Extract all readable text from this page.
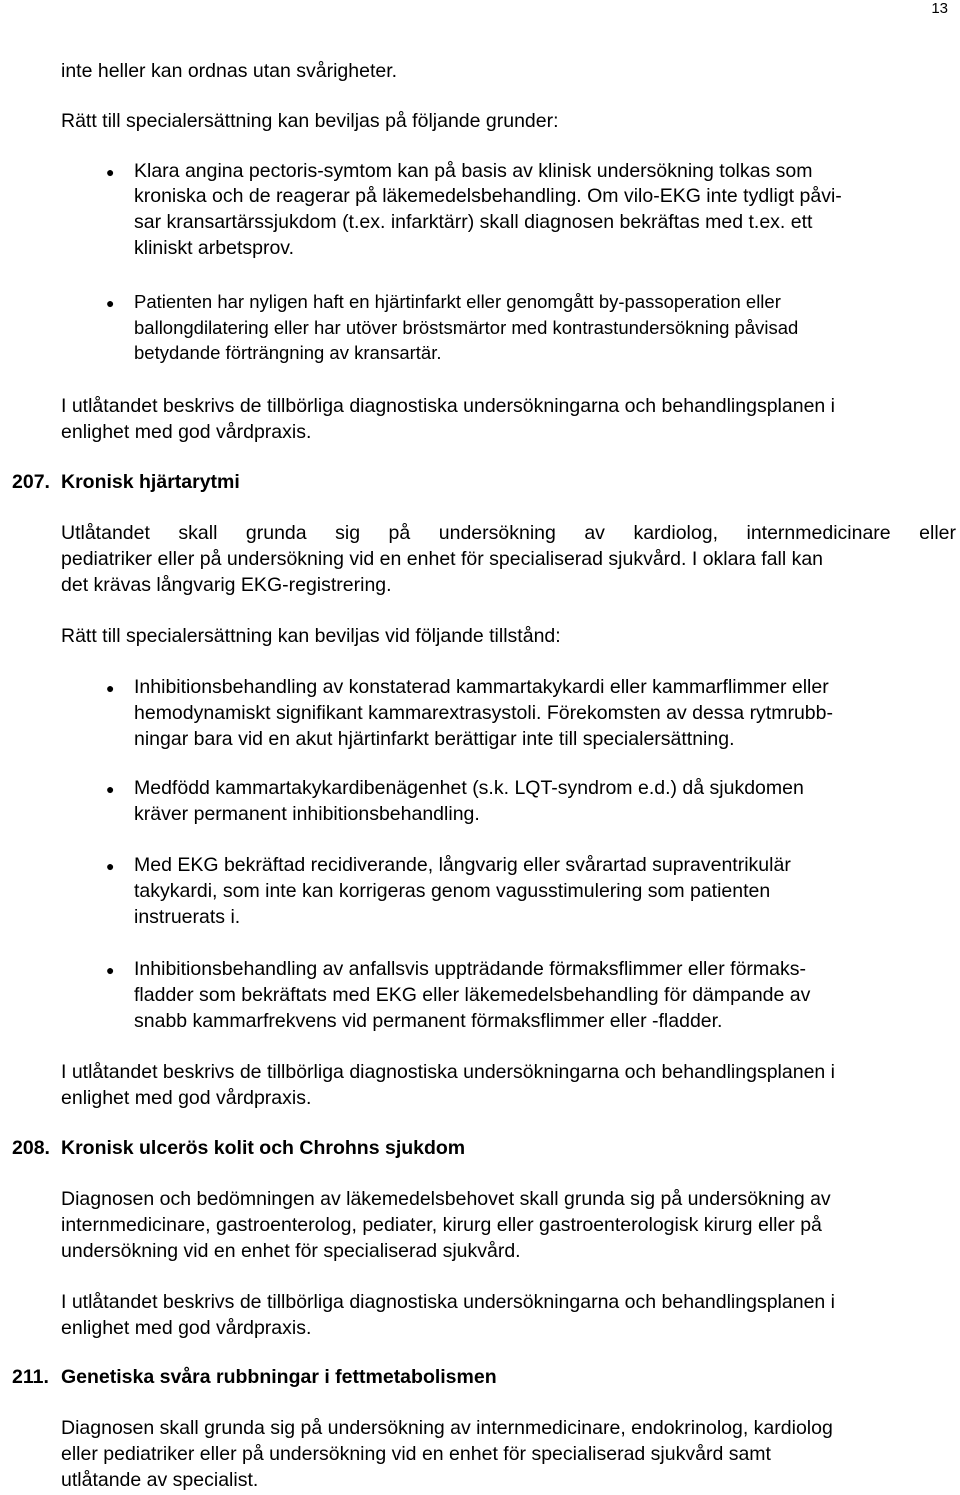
13
inte heller kan ordnas utan svårigheter.
Rätt till specialersättning kan beviljas på följande grunder:
● Klara angina pectoris-symtom kan på basis av klinisk undersökning tolkas som
kroniska och de reagerar på läkemedelsbehandling. Om vilo-EKG inte tydligt påvi-
sar kransartärssjukdom (t.ex. infarktärr) skall diagnosen bekräftas med t.ex. ett
kliniskt arbetsprov.
● Patienten har nyligen haft en hjärtinfarkt eller genomgått by-passoperation eller
ballongdilatering eller har utöver bröstsmärtor med kontrastundersökning påvisad
betydande förträngning av kransartär.
I utlåtandet beskrivs de tillbörliga diagnostiska undersökningarna och behandlingsplanen i
enlighet med god vårdpraxis.
207. Kronisk hjärtarytmi
Utlåtandet skall grunda sig på undersökning av kardiolog, internmedicinare eller
pediatriker eller på undersökning vid en enhet för specialiserad sjukvård. I oklara fall kan
det krävas långvarig EKG-registrering.
Rätt till specialersättning kan beviljas vid följande tillstånd:
● Inhibitionsbehandling av konstaterad kammartakykardi eller kammarflimmer eller
hemodynamiskt signifikant kammarextrasystoli. Förekomsten av dessa rytmrubb-
ningar bara vid en akut hjärtinfarkt berättigar inte till specialersättning.
● Medfödd kammartakykardibenägenhet (s.k. LQT-syndrom e.d.) då sjukdomen
kräver permanent inhibitionsbehandling.
● Med EKG bekräftad recidiverande, långvarig eller svårartad supraventrikulär
takykardi, som inte kan korrigeras genom vagusstimulering som patienten
instruerats i.
● Inhibitionsbehandling av anfallsvis uppträdande förmaksflimmer eller förmaks-
fladder som bekräftats med EKG eller läkemedelsbehandling för dämpande av
snabb kammarfrekvens vid permanent förmaksflimmer eller -fladder.
I utlåtandet beskrivs de tillbörliga diagnostiska undersökningarna och behandlingsplanen i
enlighet med god vårdpraxis.
208. Kronisk ulcerös kolit och Chrohns sjukdom
Diagnosen och bedömningen av läkemedelsbehovet skall grunda sig på undersökning av
internmedicinare, gastroenterolog, pediater, kirurg eller gastroenterologisk kirurg eller på
undersökning vid en enhet för specialiserad sjukvård.
I utlåtandet beskrivs de tillbörliga diagnostiska undersökningarna och behandlingsplanen i
enlighet med god vårdpraxis.
211. Genetiska svåra rubbningar i fettmetabolismen
Diagnosen skall grunda sig på undersökning av internmedicinare, endokrinolog, kardiolog
eller pediatriker eller på undersökning vid en enhet för specialiserad sjukvård samt
utlåtande av specialist.
